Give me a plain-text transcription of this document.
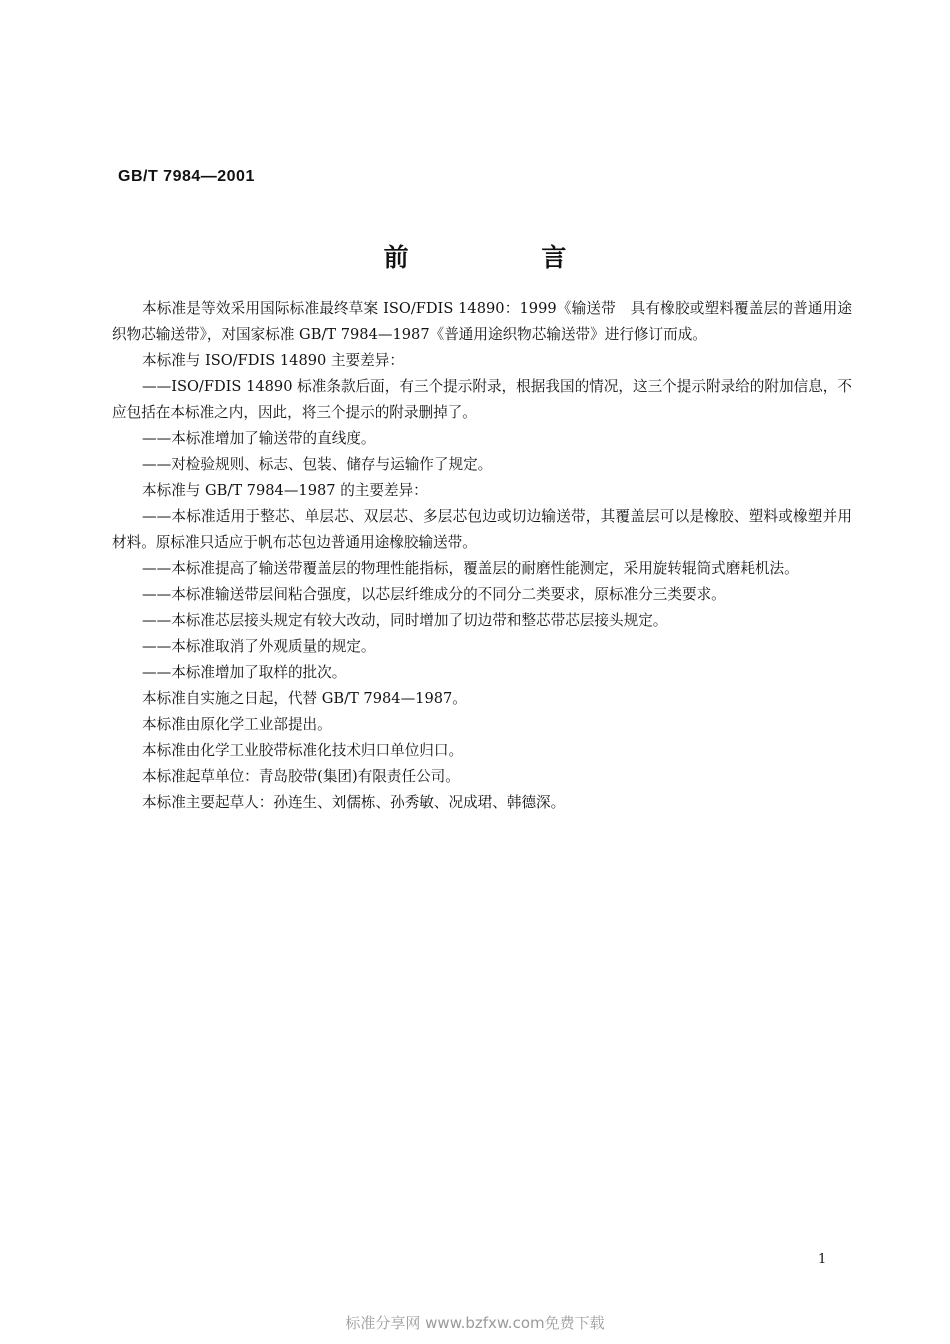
GB/T 7984—2001
前 言

本标准是等效采用国际标准最终草案 ISO/FDIS 14890：1999《输送带　具有橡胶或塑料覆盖层的普通用途织物芯输送带》，对国家标准 GB/T 7984—1987《普通用途织物芯输送带》进行修订而成。

本标准与 ISO/FDIS 14890 主要差异：

——ISO/FDIS 14890 标准条款后面，有三个提示附录，根据我国的情况，这三个提示附录给的附加信息，不应包括在本标准之内，因此，将三个提示的附录删掉了。

——本标准增加了输送带的直线度。

——对检验规则、标志、包装、储存与运输作了规定。

本标准与 GB/T 7984—1987 的主要差异：

——本标准适用于整芯、单层芯、双层芯、多层芯包边或切边输送带，其覆盖层可以是橡胶、塑料或橡塑并用材料。原标准只适应于帆布芯包边普通用途橡胶输送带。

——本标准提高了输送带覆盖层的物理性能指标，覆盖层的耐磨性能测定，采用旋转辊筒式磨耗机法。

——本标准输送带层间粘合强度，以芯层纤维成分的不同分二类要求，原标准分三类要求。

——本标准芯层接头规定有较大改动，同时增加了切边带和整芯带芯层接头规定。

——本标准取消了外观质量的规定。

——本标准增加了取样的批次。

本标准自实施之日起，代替 GB/T 7984—1987。

本标准由原化学工业部提出。

本标准由化学工业胶带标准化技术归口单位归口。

本标准起草单位：青岛胶带(集团)有限责任公司。

本标准主要起草人：孙连生、刘儒栋、孙秀敏、况成珺、韩德深。

1
标准分享网 www.bzfxw.com免费下载
